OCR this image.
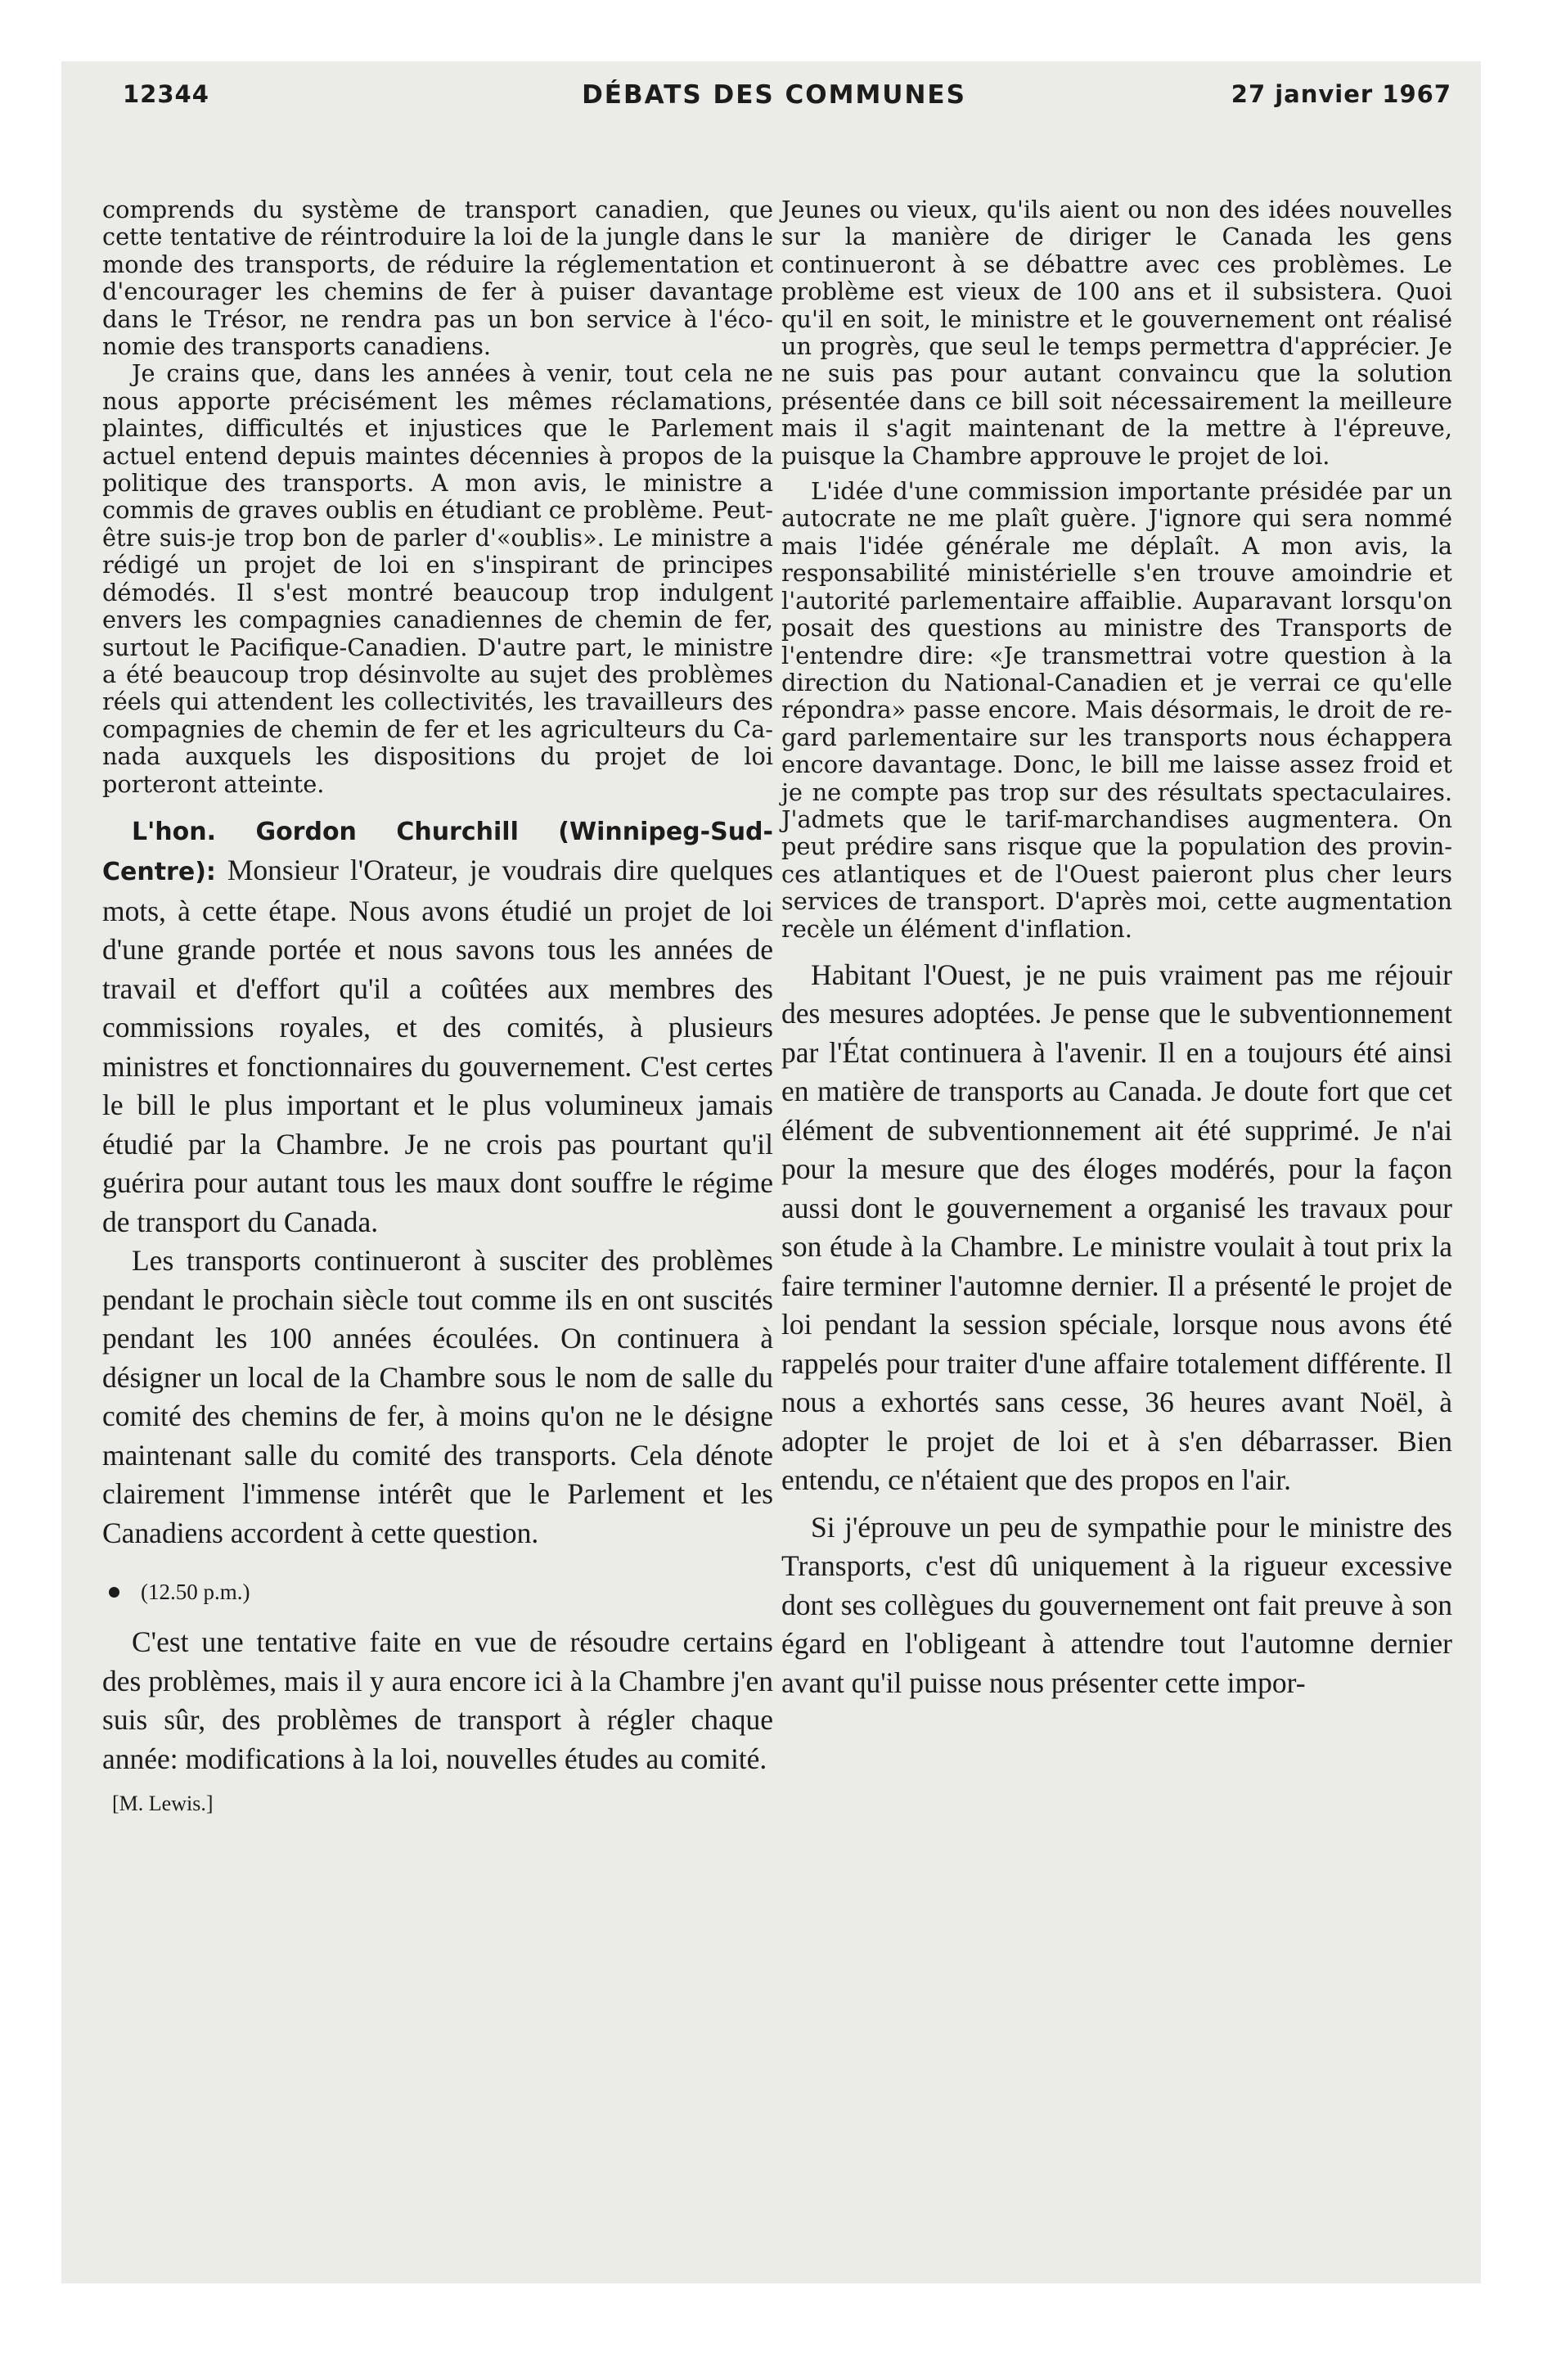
12344	DÉBATS DES COMMUNES	27 janvier 1967

comprends du système de transport canadien, que cette tentative de réintroduire la loi de la jungle dans le monde des transports, de réduire la réglementation et d'encourager les chemins de fer à puiser davantage dans le Trésor, ne rendra pas un bon service à l'économie des transports canadiens.

Je crains que, dans les années à venir, tout cela ne nous apporte précisément les mêmes réclamations, plaintes, difficultés et injustices que le Parlement actuel entend depuis maintes décennies à propos de la politique des transports. A mon avis, le ministre a commis de graves oublis en étudiant ce problème. Peut-être suis-je trop bon de parler d'«oublis». Le ministre a rédigé un projet de loi en s'inspirant de principes démodés. Il s'est montré beaucoup trop indulgent envers les compagnies canadiennes de chemin de fer, surtout le Pacifique-Canadien. D'autre part, le ministre a été beaucoup trop désinvolte au sujet des problèmes réels qui attendent les collectivités, les travailleurs des compagnies de chemin de fer et les agriculteurs du Canada auxquels les dispositions du projet de loi porteront atteinte.

L'hon. Gordon Churchill (Winnipeg-Sud-Centre): Monsieur l'Orateur, je voudrais dire quelques mots, à cette étape. Nous avons étudié un projet de loi d'une grande portée et nous savons tous les années de travail et d'effort qu'il a coûtées aux membres des commissions royales, et des comités, à plusieurs ministres et fonctionnaires du gouvernement. C'est certes le bill le plus important et le plus volumineux jamais étudié par la Chambre. Je ne crois pas pourtant qu'il guérira pour autant tous les maux dont souffre le régime de transport du Canada.

Les transports continueront à susciter des problèmes pendant le prochain siècle tout comme ils en ont suscités pendant les 100 années écoulées. On continuera à désigner un local de la Chambre sous le nom de salle du comité des chemins de fer, à moins qu'on ne le désigne maintenant salle du comité des transports. Cela dénote clairement l'immense intérêt que le Parlement et les Canadiens accordent à cette question.

(12.50 p.m.)

C'est une tentative faite en vue de résoudre certains des problèmes, mais il y aura encore ici à la Chambre j'en suis sûr, des problèmes de transport à régler chaque année: modifications à la loi, nouvelles études au comité.

[M. Lewis.]

Jeunes ou vieux, qu'ils aient ou non des idées nouvelles sur la manière de diriger le Canada les gens continueront à se débattre avec ces problèmes. Le problème est vieux de 100 ans et il subsistera. Quoi qu'il en soit, le ministre et le gouvernement ont réalisé un progrès, que seul le temps permettra d'apprécier. Je ne suis pas pour autant convaincu que la solution présentée dans ce bill soit nécessairement la meilleure mais il s'agit maintenant de la mettre à l'épreuve, puisque la Chambre approuve le projet de loi.

L'idée d'une commission importante présidée par un autocrate ne me plaît guère. J'ignore qui sera nommé mais l'idée générale me déplaît. A mon avis, la responsabilité ministérielle s'en trouve amoindrie et l'autorité parlementaire affaiblie. Auparavant lorsqu'on posait des questions au ministre des Transports de l'entendre dire: «Je transmettrai votre question à la direction du National-Canadien et je verrai ce qu'elle répondra» passe encore. Mais désormais, le droit de regard parlementaire sur les transports nous échappera encore davantage. Donc, le bill me laisse assez froid et je ne compte pas trop sur des résultats spectaculaires. J'admets que le tarif-marchandises augmentera. On peut prédire sans risque que la population des provinces atlantiques et de l'Ouest paieront plus cher leurs services de transport. D'après moi, cette augmentation recèle un élément d'inflation.

Habitant l'Ouest, je ne puis vraiment pas me réjouir des mesures adoptées. Je pense que le subventionnement par l'État continuera à l'avenir. Il en a toujours été ainsi en matière de transports au Canada. Je doute fort que cet élément de subventionnement ait été supprimé. Je n'ai pour la mesure que des éloges modérés, pour la façon aussi dont le gouvernement a organisé les travaux pour son étude à la Chambre. Le ministre voulait à tout prix la faire terminer l'automne dernier. Il a présenté le projet de loi pendant la session spéciale, lorsque nous avons été rappelés pour traiter d'une affaire totalement différente. Il nous a exhortés sans cesse, 36 heures avant Noël, à adopter le projet de loi et à s'en débarrasser. Bien entendu, ce n'étaient que des propos en l'air.

Si j'éprouve un peu de sympathie pour le ministre des Transports, c'est dû uniquement à la rigueur excessive dont ses collègues du gouvernement ont fait preuve à son égard en l'obligeant à attendre tout l'automne dernier avant qu'il puisse nous présenter cette impor-
